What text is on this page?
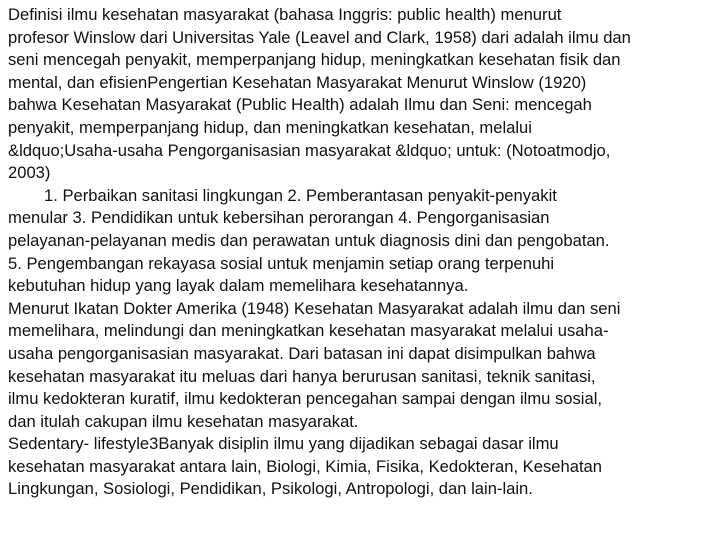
Definisi ilmu kesehatan masyarakat (bahasa Inggris: public health) menurut
profesor Winslow dari Universitas Yale (Leavel and Clark, 1958) dari adalah ilmu dan
seni mencegah penyakit, memperpanjang hidup, meningkatkan kesehatan fisik dan
mental, dan efisienPengertian Kesehatan Masyarakat Menurut Winslow (1920)
bahwa Kesehatan Masyarakat (Public Health) adalah Ilmu dan Seni: mencegah
penyakit, memperpanjang hidup, dan meningkatkan kesehatan, melalui
&ldquo;Usaha-usaha Pengorganisasian masyarakat &ldquo; untuk: (Notoatmodjo,
2003)
1. Perbaikan sanitasi lingkungan 2. Pemberantasan penyakit-penyakit
menular 3. Pendidikan untuk kebersihan perorangan 4. Pengorganisasian
pelayanan-pelayanan medis dan perawatan untuk diagnosis dini dan pengobatan.
5. Pengembangan rekayasa sosial untuk menjamin setiap orang terpenuhi
kebutuhan hidup yang layak dalam memelihara kesehatannya.
Menurut Ikatan Dokter Amerika (1948) Kesehatan Masyarakat adalah ilmu dan seni
memelihara, melindungi dan meningkatkan kesehatan masyarakat melalui usaha-
usaha pengorganisasian masyarakat. Dari batasan ini dapat disimpulkan bahwa
kesehatan masyarakat itu meluas dari hanya berurusan sanitasi, teknik sanitasi,
ilmu kedokteran kuratif, ilmu kedokteran pencegahan sampai dengan ilmu sosial,
dan itulah cakupan ilmu kesehatan masyarakat.
Sedentary- lifestyle3Banyak disiplin ilmu yang dijadikan sebagai dasar ilmu
kesehatan masyarakat antara lain, Biologi, Kimia, Fisika, Kedokteran, Kesehatan
Lingkungan, Sosiologi, Pendidikan, Psikologi, Antropologi, dan lain-lain.
